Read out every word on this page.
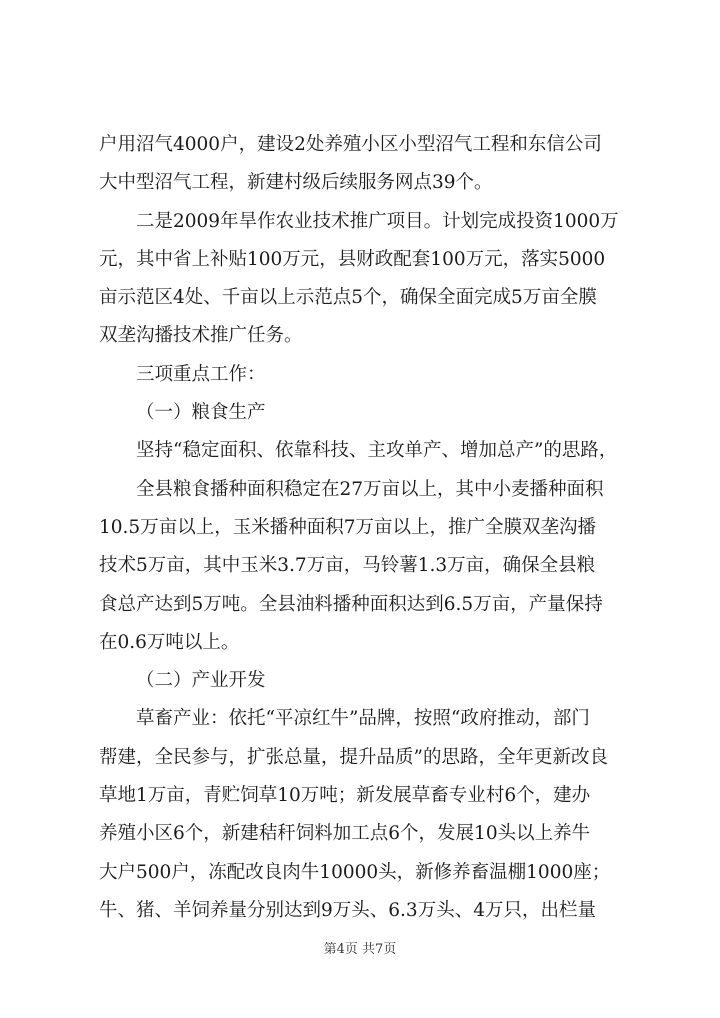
户用沼气4000户，建设2处养殖小区小型沼气工程和东信公司
大中型沼气工程，新建村级后续服务网点39个。
二是2009年旱作农业技术推广项目。计划完成投资1000万
元，其中省上补贴100万元，县财政配套100万元，落实5000
亩示范区4处、千亩以上示范点5个，确保全面完成5万亩全膜
双垄沟播技术推广任务。
三项重点工作：
（一）粮食生产
坚持“稳定面积、依靠科技、主攻单产、增加总产”的思路，
全县粮食播种面积稳定在27万亩以上，其中小麦播种面积
10.5万亩以上，玉米播种面积7万亩以上，推广全膜双垄沟播
技术5万亩，其中玉米3.7万亩，马铃薯1.3万亩，确保全县粮
食总产达到5万吨。全县油料播种面积达到6.5万亩，产量保持
在0.6万吨以上。
（二）产业开发
草畜产业：依托“平凉红牛”品牌，按照“政府推动，部门
帮建，全民参与，扩张总量，提升品质”的思路，全年更新改良
草地1万亩，青贮饲草10万吨；新发展草畜专业村6个，建办
养殖小区6个，新建秸秆饲料加工点6个，发展10头以上养牛
大户500户，冻配改良肉牛10000头，新修养畜温棚1000座；
牛、猪、羊饲养量分别达到9万头、6.3万头、4万只，出栏量
第4页 共7页
